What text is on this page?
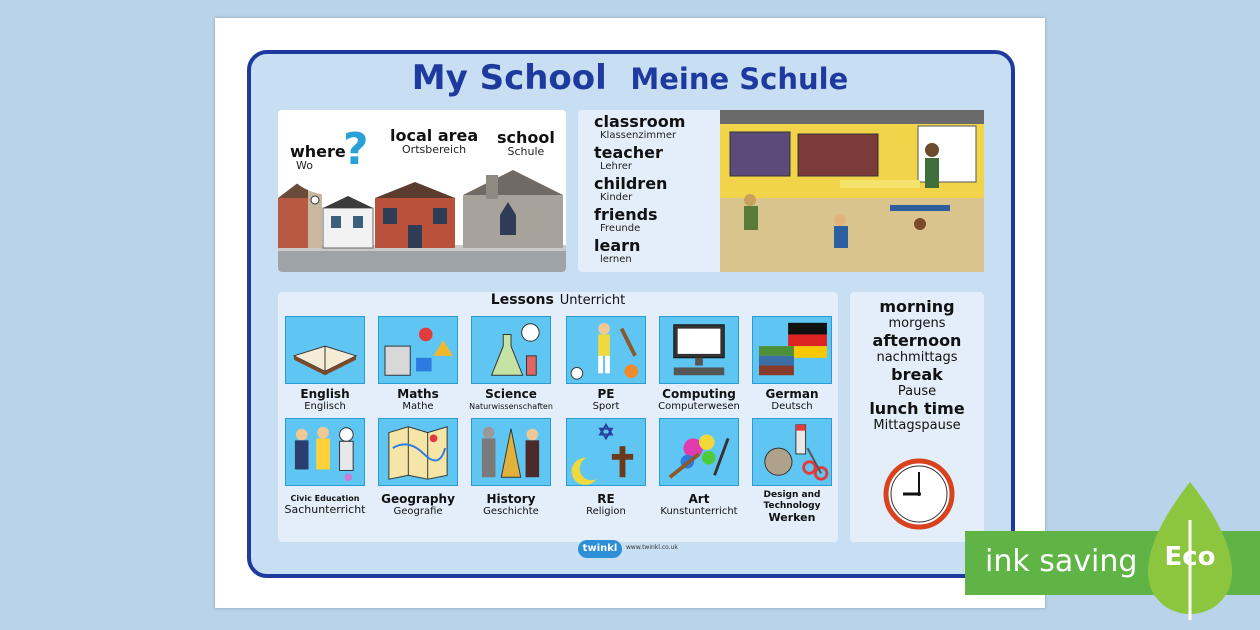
My School Meine Schule
where
Wo ? local area
Ortsbereich
school
Schule
classroom
Klassenzimmer
teacher
Lehrer
children
Kinder
friends
Freunde
learn
lernen
Lessons Unterricht
English
Englisch
Maths
Mathe
Science
Naturwissenschaften
PE
Sport
Computing
Computerwesen
German
Deutsch
Civic Education
Sachunterricht
Geography
Geografie
History
Geschichte
RE
Religion
Art
Kunstunterricht
Design and Technology
Werken
morning
morgens
afternoon
nachmittags
break
Pause
lunch time
Mittagspause
twinkl	www.twinkl.co.uk	ink saving	Eco
